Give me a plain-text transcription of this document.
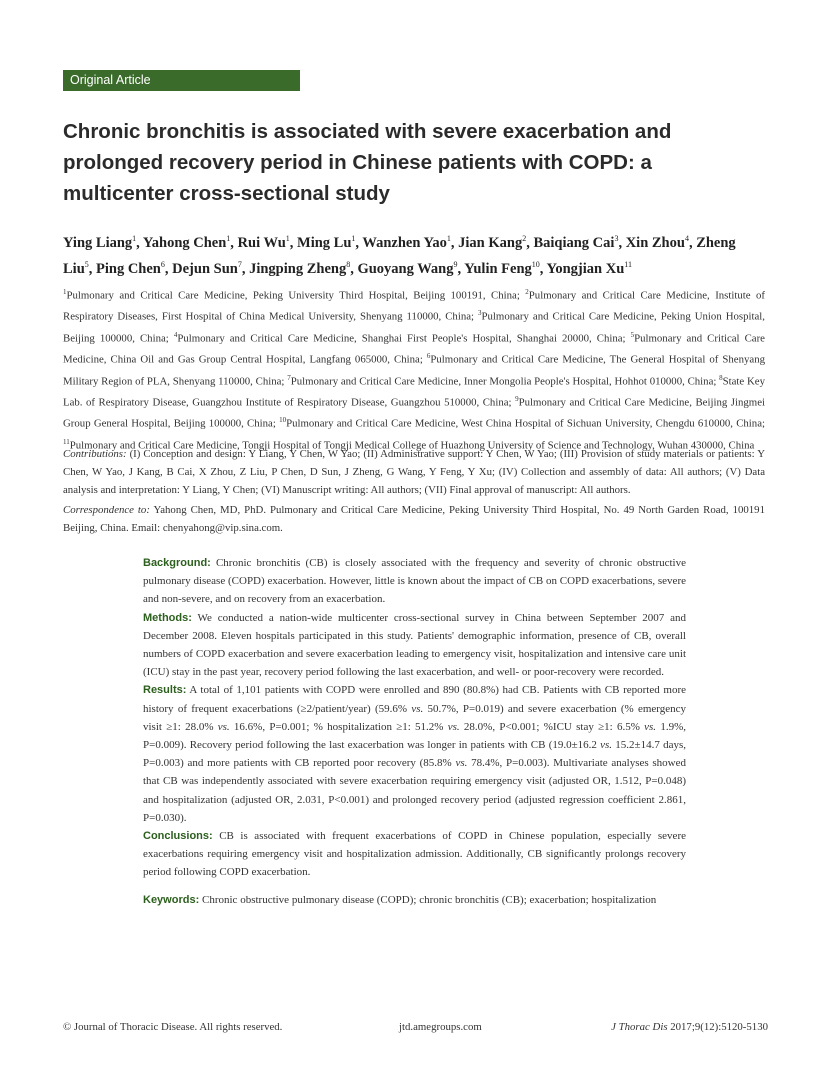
Original Article
Chronic bronchitis is associated with severe exacerbation and prolonged recovery period in Chinese patients with COPD: a multicenter cross-sectional study
Ying Liang$^1$, Yahong Chen$^1$, Rui Wu$^1$, Ming Lu$^1$, Wanzhen Yao$^1$, Jian Kang$^2$, Baiqiang Cai$^3$, Xin Zhou$^4$, Zheng Liu$^5$, Ping Chen$^6$, Dejun Sun$^7$, Jingping Zheng$^8$, Guoyang Wang$^9$, Yulin Feng$^{10}$, Yongjian Xu$^{11}$
$^1$Pulmonary and Critical Care Medicine, Peking University Third Hospital, Beijing 100191, China; $^2$Pulmonary and Critical Care Medicine, Institute of Respiratory Diseases, First Hospital of China Medical University, Shenyang 110000, China; $^3$Pulmonary and Critical Care Medicine, Peking Union Hospital, Beijing 100000, China; $^4$Pulmonary and Critical Care Medicine, Shanghai First People's Hospital, Shanghai 20000, China; $^5$Pulmonary and Critical Care Medicine, China Oil and Gas Group Central Hospital, Langfang 065000, China; $^6$Pulmonary and Critical Care Medicine, The General Hospital of Shenyang Military Region of PLA, Shenyang 110000, China; $^7$Pulmonary and Critical Care Medicine, Inner Mongolia People's Hospital, Hohhot 010000, China; $^8$State Key Lab. of Respiratory Disease, Guangzhou Institute of Respiratory Disease, Guangzhou 510000, China; $^9$Pulmonary and Critical Care Medicine, Beijing Jingmei Group General Hospital, Beijing 100000, China; $^{10}$Pulmonary and Critical Care Medicine, West China Hospital of Sichuan University, Chengdu 610000, China; $^{11}$Pulmonary and Critical Care Medicine, Tongji Hospital of Tongji Medical College of Huazhong University of Science and Technology, Wuhan 430000, China
Contributions: (I) Conception and design: Y Liang, Y Chen, W Yao; (II) Administrative support: Y Chen, W Yao; (III) Provision of study materials or patients: Y Chen, W Yao, J Kang, B Cai, X Zhou, Z Liu, P Chen, D Sun, J Zheng, G Wang, Y Feng, Y Xu; (IV) Collection and assembly of data: All authors; (V) Data analysis and interpretation: Y Liang, Y Chen; (VI) Manuscript writing: All authors; (VII) Final approval of manuscript: All authors.
Correspondence to: Yahong Chen, MD, PhD. Pulmonary and Critical Care Medicine, Peking University Third Hospital, No. 49 North Garden Road, 100191 Beijing, China. Email: chenyahong@vip.sina.com.

Background: Chronic bronchitis (CB) is closely associated with the frequency and severity of chronic obstructive pulmonary disease (COPD) exacerbation. However, little is known about the impact of CB on COPD exacerbations, severe and non-severe, and on recovery from an exacerbation.

Methods: We conducted a nation-wide multicenter cross-sectional survey in China between September 2007 and December 2008. Eleven hospitals participated in this study. Patients' demographic information, presence of CB, overall numbers of COPD exacerbation and severe exacerbation leading to emergency visit, hospitalization and intensive care unit (ICU) stay in the past year, recovery period following the last exacerbation, and well- or poor-recovery were recorded.

Results: A total of 1,101 patients with COPD were enrolled and 890 (80.8%) had CB. Patients with CB reported more history of frequent exacerbations (≥2/patient/year) (59.6% vs. 50.7%, P=0.019) and severe exacerbation (% emergency visit ≥1: 28.0% vs. 16.6%, P=0.001; % hospitalization ≥1: 51.2% vs. 28.0%, P<0.001; %ICU stay ≥1: 6.5% vs. 1.9%, P=0.009). Recovery period following the last exacerbation was longer in patients with CB (19.0±16.2 vs. 15.2±14.7 days, P=0.003) and more patients with CB reported poor recovery (85.8% vs. 78.4%, P=0.003). Multivariate analyses showed that CB was independently associated with severe exacerbation requiring emergency visit (adjusted OR, 1.512, P=0.048) and hospitalization (adjusted OR, 2.031, P<0.001) and prolonged recovery period (adjusted regression coefficient 2.861, P=0.030).

Conclusions: CB is associated with frequent exacerbations of COPD in Chinese population, especially severe exacerbations requiring emergency visit and hospitalization admission. Additionally, CB significantly prolongs recovery period following COPD exacerbation.

Keywords: Chronic obstructive pulmonary disease (COPD); chronic bronchitis (CB); exacerbation; hospitalization

© Journal of Thoracic Disease. All rights reserved.	jtd.amegroups.com	J Thorac Dis 2017;9(12):5120-5130
